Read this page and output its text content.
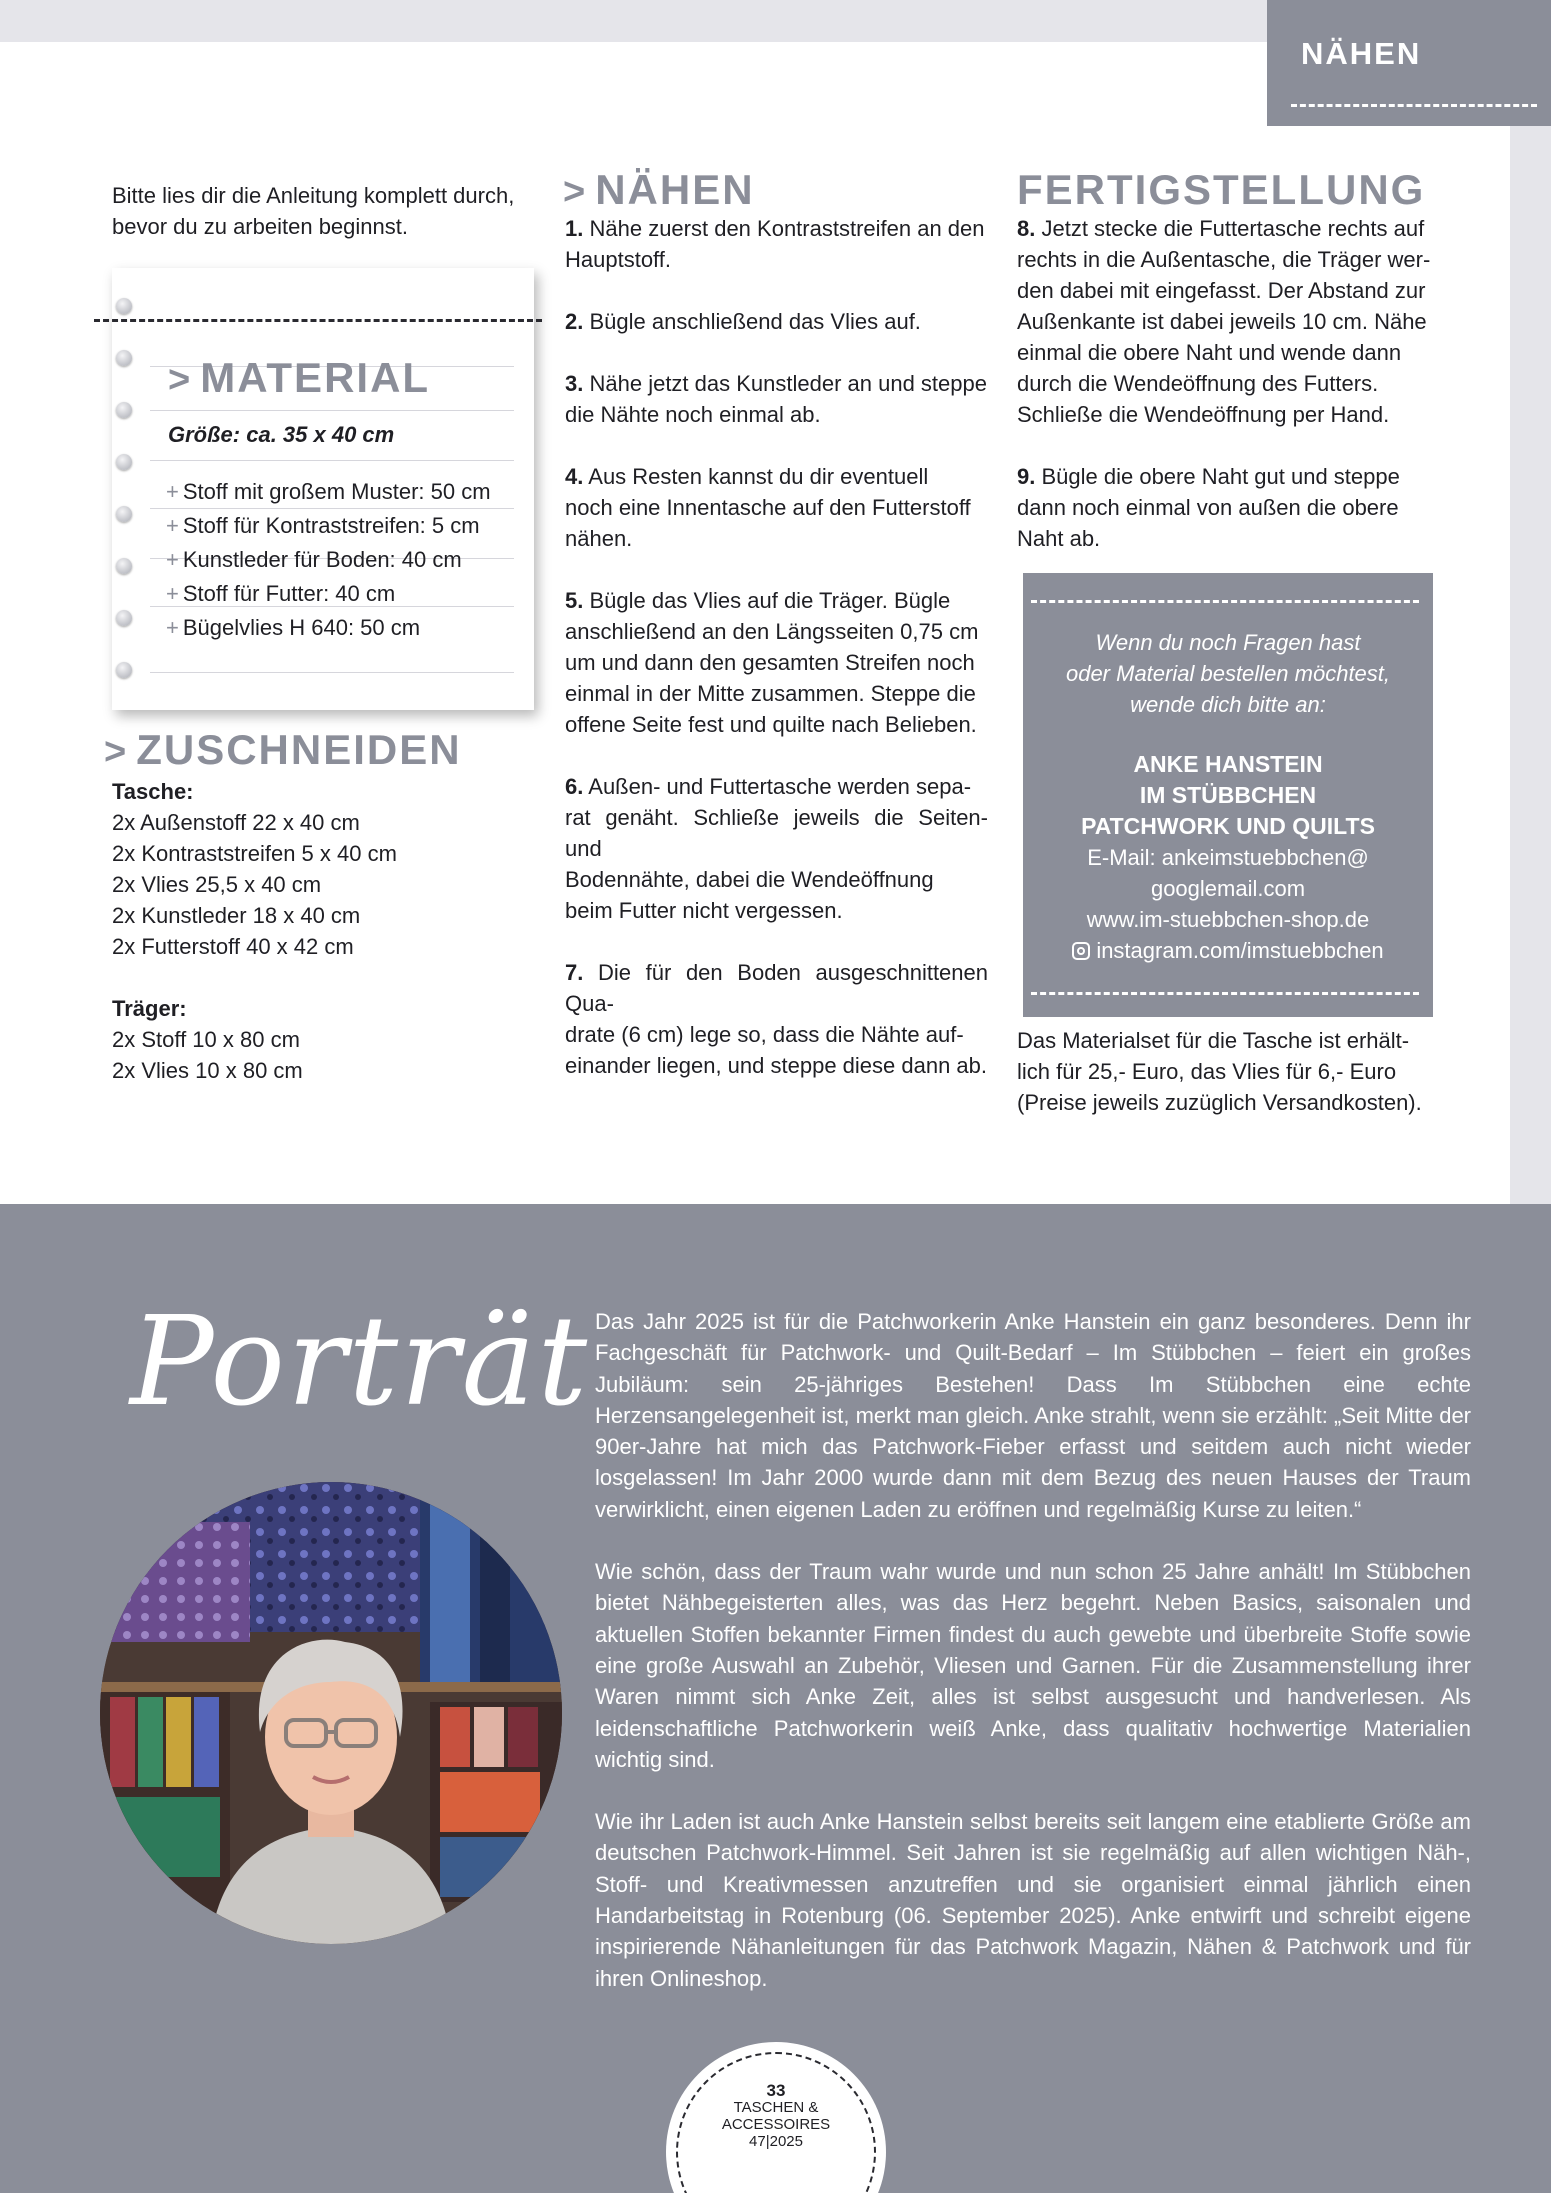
NÄHEN

Bitte lies dir die Anleitung komplett durch,

bevor du zu arbeiten beginnst.

> MATERIAL
Größe: ca. 35 x 40 cm
+ Stoff mit großem Muster: 50 cm
+ Stoff für Kontraststreifen: 5 cm
+ Kunstleder für Boden: 40 cm
+ Stoff für Futter: 40 cm
+ Bügelvlies H 640: 50 cm
> ZUSCHNEIDEN

Tasche:

2x Außenstoff 22 x 40 cm

2x Kontraststreifen 5 x 40 cm

2x Vlies 25,5 x 40 cm

2x Kunstleder 18 x 40 cm

2x Futterstoff 40 x 42 cm

Träger:

2x Stoff 10 x 80 cm

2x Vlies 10 x 80 cm

> NÄHEN

1. Nähe zuerst den Kontraststreifen an den

Hauptstoff.

2. Bügle anschließend das Vlies auf.

3. Nähe jetzt das Kunstleder an und steppe

die Nähte noch einmal ab.

4. Aus Resten kannst du dir eventuell

noch eine Innentasche auf den Futterstoff

nähen.

5. Bügle das Vlies auf die Träger. Bügle

anschließend an den Längsseiten 0,75 cm

um und dann den gesamten Streifen noch

einmal in der Mitte zusammen. Steppe die

offene Seite fest und quilte nach Belieben.

6. Außen- und Futtertasche werden sepa-

rat genäht. Schließe jeweils die Seiten- und

Bodennähte, dabei die Wendeöffnung

beim Futter nicht vergessen.

7. Die für den Boden ausgeschnittenen Qua-

drate (6 cm) lege so, dass die Nähte auf-

einander liegen, und steppe diese dann ab.

FERTIGSTELLUNG

8. Jetzt stecke die Futtertasche rechts auf

rechts in die Außentasche, die Träger wer-

den dabei mit eingefasst. Der Abstand zur

Außenkante ist dabei jeweils 10 cm. Nähe

einmal die obere Naht und wende dann

durch die Wendeöffnung des Futters.

Schließe die Wendeöffnung per Hand.

9. Bügle die obere Naht gut und steppe

dann noch einmal von außen die obere

Naht ab.

Wenn du noch Fragen hast
oder Material bestellen möchtest,
wende dich bitte an:
ANKE HANSTEIN
IM STÜBBCHEN
PATCHWORK UND QUILTS
E-Mail: ankeimstuebbchen@
googlemail.com
www.im-stuebbchen-shop.de
instagram.com/imstuebbchen

Das Materialset für die Tasche ist erhält-

lich für 25,- Euro, das Vlies für 6,- Euro

(Preise jeweils zuzüglich Versandkosten).

Porträt Das Jahr 2025 ist für die Patchworkerin Anke Hanstein ein ganz besonderes. Denn ihr Fachgeschäft für Patchwork- und Quilt-Bedarf – Im Stübbchen – feiert ein großes Jubiläum: sein 25-jähriges Bestehen! Dass Im Stübbchen eine echte Herzensangelegenheit ist, merkt man gleich. Anke strahlt, wenn sie erzählt: „Seit Mitte der 90er-Jahre hat mich das Patchwork-Fieber erfasst und seitdem auch nicht wieder losgelassen! Im Jahr 2000 wurde dann mit dem Bezug des neuen Hauses der Traum verwirklicht, einen eigenen Laden zu eröffnen und regelmäßig Kurse zu leiten.“

Wie schön, dass der Traum wahr wurde und nun schon 25 Jahre anhält! Im Stübbchen bietet Nähbegeisterten alles, was das Herz begehrt. Neben Basics, saisonalen und aktuellen Stoffen bekannter Firmen findest du auch gewebte und überbreite Stoffe sowie eine große Auswahl an Zubehör, Vliesen und Garnen. Für die Zusammenstellung ihrer Waren nimmt sich Anke Zeit, alles ist selbst ausgesucht und handverlesen. Als leidenschaftliche Patchworkerin weiß Anke, dass qualitativ hochwertige Materialien wichtig sind.

Wie ihr Laden ist auch Anke Hanstein selbst bereits seit langem eine etablierte Größe am deutschen Patchwork-Himmel. Seit Jahren ist sie regelmäßig auf allen wichtigen Näh-, Stoff- und Kreativmessen anzutreffen und sie organisiert einmal jährlich einen Handarbeitstag in Rotenburg (06. September 2025). Anke entwirft und schreibt eigene inspirierende Nähanleitungen für das Patchwork Magazin, Nähen & Patchwork und für ihren Onlineshop.

33
TASCHEN &
ACCESSOIRES
47|2025
